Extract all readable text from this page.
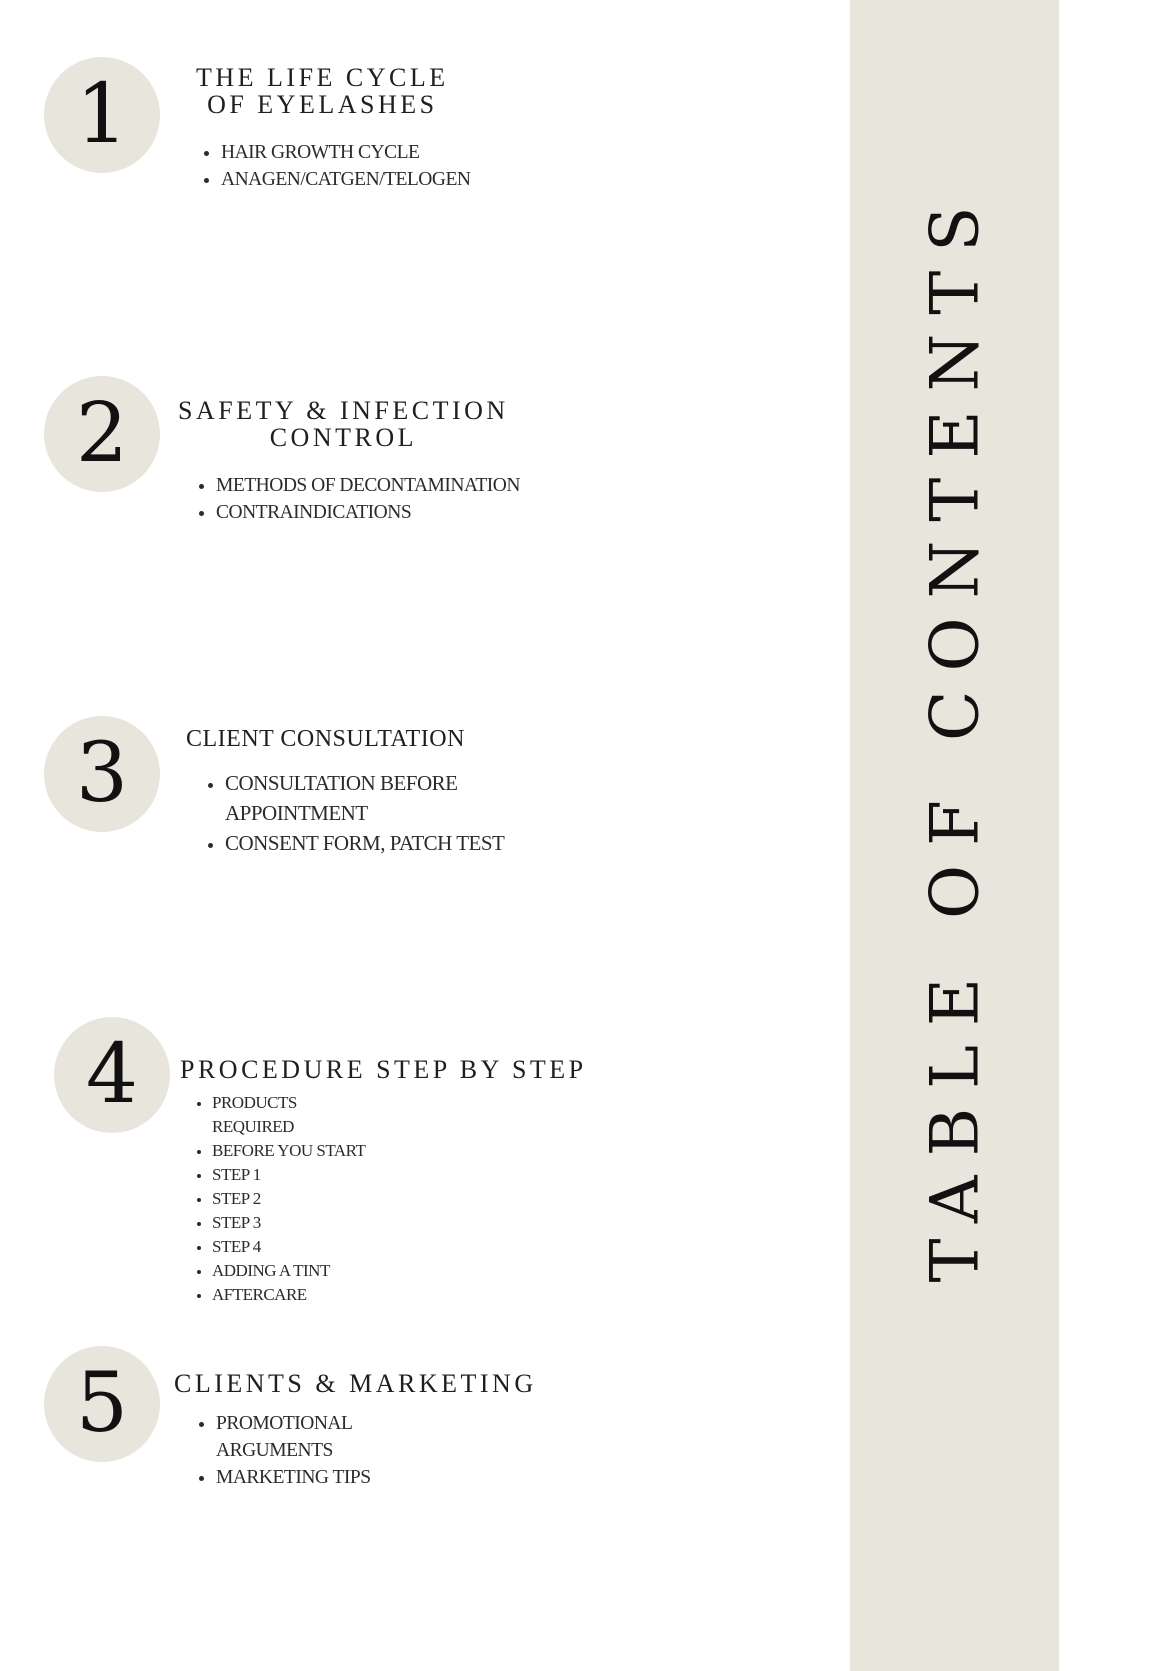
TABLE OF CONTENTS
1	THE LIFE CYCLE
OF EYELASHES
• HAIR GROWTH CYCLE
• ANAGEN/CATGEN/TELOGEN
2 SAFETY & INFECTION
CONTROL
• METHODS OF DECONTAMINATION
• CONTRAINDICATIONS
3 CLIENT CONSULTATION
• CONSULTATION BEFORE
APPOINTMENT
• CONSENT FORM, PATCH TEST
4 PROCEDURE STEP BY STEP
• PRODUCTS
REQUIRED
• BEFORE YOU START
• STEP 1
• STEP 2
• STEP 3
• STEP 4
• ADDING A TINT
• AFTERCARE
5 CLIENTS & MARKETING
• PROMOTIONAL
ARGUMENTS
• MARKETING TIPS
